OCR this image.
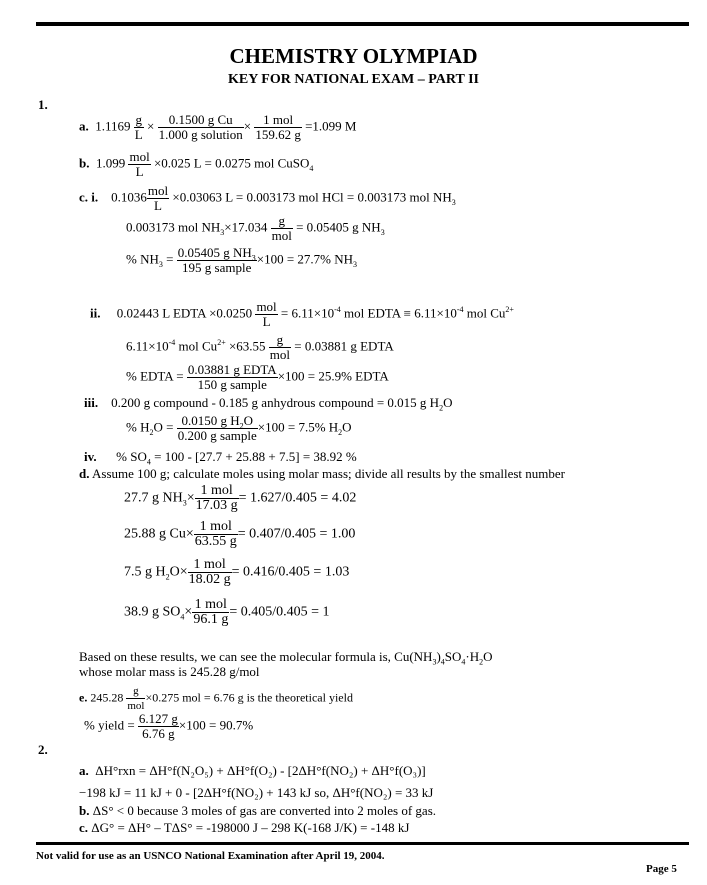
CHEMISTRY OLYMPIAD
KEY FOR NATIONAL EXAM – PART II
1.
a. $1.1169 \frac{g}{L} \times \frac{\text{0.1500 g Cu}}{\text{1.000 g solution}} \times \frac{\text{1 mol}}{159.62 g} =1.099$ M
b. $1.099 \frac{\text{mol}}{L} \times 0.025$ L = 0.0275 mol CuSO$_4$
c. i. $0.1036 \frac{\text{mol}}{L} \times 0.03063$ L = 0.003173 mol HCl = 0.003173 mol $NH_3$
0.003173 mol $NH_3\times 17.034 \frac{g}{\text{mol}} = 0.05405$ g $NH_3$
% $NH_3 = \frac{0.05405 g NH_3}{\text{195 g sample}} \times 100 = 27.7\%$ $NH_3$
ii. 0.02443 L EDTA $\times 0.0250 \frac{\text{mol}}{L} = 6.11\times 10^{-4}$ mol EDTA ≡ $6.11\times 10^{-4}$ mol $Cu^{2+}$
$6.11\times 10^{-4}$ mol $Cu^{2+} \times 63.55 \frac{g}{\text{mol}} = 0.03881$ g EDTA
% EDTA = $\frac{\text{0.03881 g EDTA}}{\text{150 g sample}} \times 100 = 25.9\%$ EDTA
iii. 0.200 g compound - 0.185 g anhydrous compound = 0.015 g $H_2O$
% $H_2O = \frac{0.0150 g H_2O}{\text{0.200 g sample}} \times 100 = 7.5\%$ $H_2O$
iv. % $SO_4 = 100 - [27.7 + 25.88 + 7.5] = 38.92$ %
d. Assume 100 g; calculate moles using molar mass; divide all results by the smallest number
27.7 g $NH_3\times \frac{\text{1 mol}}{17.03 g} = 1.627/0.405 = 4.02$
25.88 g $Cu\times \frac{\text{1 mol}}{63.55 g} = 0.407/0.405 = 1.00$
7.5 g $H_2O\times \frac{\text{1 mol}}{18.02 g} = 0.416/0.405 = 1.03$
38.9 g $SO_4\times \frac{\text{1 mol}}{96.1 g} = 0.405/0.405 = 1$
Based on these results, we can see the molecular formula is, $Cu(NH_3)_4SO_4\cdot H_2O$
whose molar mass is 245.28 g/mol
e. $245.28 \frac{g}{\text{mol}} \times 0.275$ mol = 6.76 g is the theoretical yield
% yield = $\frac{6.127 g}{6.76 g} \times 100 = 90.7\%$
2.
a. ΔH°rxn = ΔH°f(N₂O₅) + ΔH°f(O₂) - [2ΔH°f(NO₂) + ΔH°f(O₃)]
−198 kJ = 11 kJ + 0 - [2ΔH°f(NO₂) + 143 kJ so, ΔH°f(NO₂) = 33 kJ
b. ΔS° < 0 because 3 moles of gas are converted into 2 moles of gas.
c. ΔG° = ΔH° – TΔS° = -198000 J – 298 K(-168 J/K) = -148 kJ
Not valid for use as an USNCO National Examination after April 19, 2004.
Page 5
